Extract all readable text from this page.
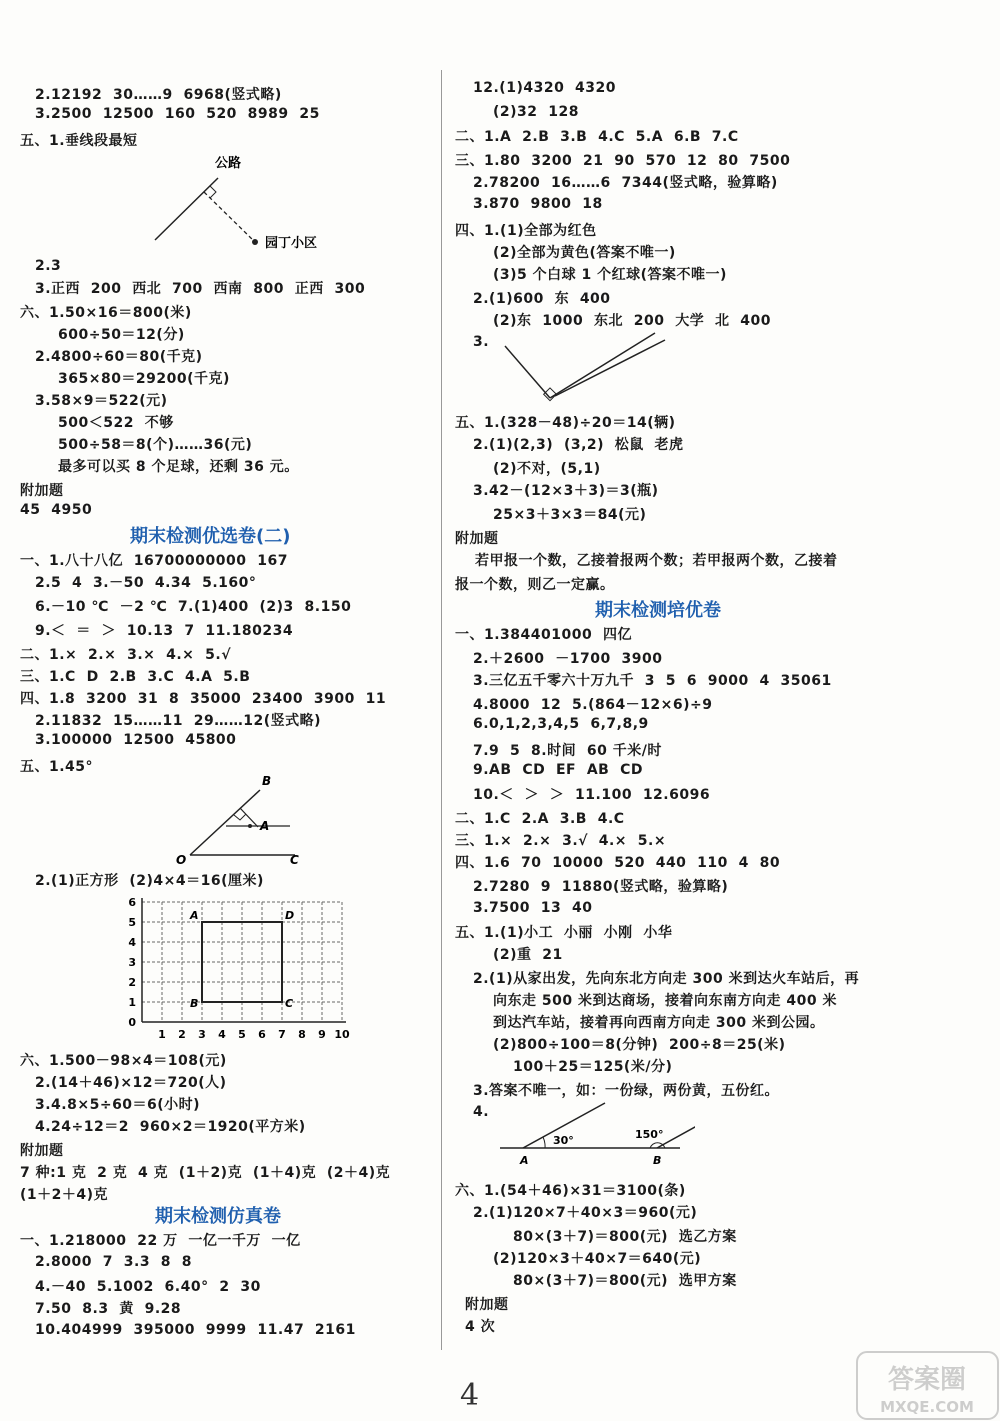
2.12192  30……9  6968(竖式略)
3.2500  12500  160  520  8989  25
五、1.垂线段最短
公路
园丁小区
2.3
3.正西  200  西北  700  西南  800  正西  300
六、1.50×16＝800(米)
600÷50＝12(分)
2.4800÷60＝80(千克)
365×80＝29200(千克)
3.58×9＝522(元)
500＜522  不够
500÷58＝8(个)……36(元)
最多可以买 8 个足球，还剩 36 元。
附加题
45  4950
期末检测优选卷(二)
一、1.八十八亿  16700000000  167
2.5  4  3.－50  4.34  5.160°
6.－10 ℃  －2 ℃  7.(1)400  (2)3  8.150
9.＜  ＝  ＞  10.13  7  11.180234
二、1.×  2.×  3.×  4.×  5.√
三、1.C  D  2.B  3.C  4.A  5.B
四、1.8  3200  31  8  35000  23400  3900  11
2.11832  15……11  29……12(竖式略)
3.100000  12500  45800
五、1.45°
B
A
O	C
2.(1)正方形  (2)4×4＝16(厘米)
A	D
B	C
6
5
4
3
2
1
0
1 2 3 4 5 6 7 8 9 10
六、1.500－98×4＝108(元)
2.(14＋46)×12＝720(人)
3.4.8×5÷60＝6(小时)
4.24÷12＝2  960×2＝1920(平方米)
附加题
7 种:1 克  2 克  4 克  (1＋2)克  (1＋4)克  (2＋4)克
(1＋2＋4)克
期末检测仿真卷
一、1.218000  22 万  一亿一千万  一亿
2.8000  7  3.3  8  8
4.－40  5.1002  6.40°  2  30
7.50  8.3  黄  9.28
10.404999  395000  9999  11.47  2161
12.(1)4320  4320
(2)32  128
二、1.A  2.B  3.B  4.C  5.A  6.B  7.C
三、1.80  3200  21  90  570  12  80  7500
2.78200  16……6  7344(竖式略，验算略)
3.870  9800  18
四、1.(1)全部为红色
(2)全部为黄色(答案不唯一)
(3)5 个白球 1 个红球(答案不唯一)
2.(1)600  东  400
(2)东  1000  东北  200  大学  北  400
3.
五、1.(328－48)÷20＝14(辆)
2.(1)(2,3)  (3,2)  松鼠  老虎
(2)不对，(5,1)
3.42－(12×3＋3)＝3(瓶)
25×3＋3×3＝84(元)
附加题
若甲报一个数，乙接着报两个数；若甲报两个数，乙接着
报一个数，则乙一定赢。
期末检测培优卷
一、1.384401000  四亿
2.＋2600  －1700  3900
3.三亿五千零六十万九千  3  5  6  9000  4  35061
4.8000  12  5.(864－12×6)÷9
6.0,1,2,3,4,5  6,7,8,9
7.9  5  8.时间  60 千米/时
9.AB  CD  EF  AB  CD
10.＜  ＞  ＞  11.100  12.6096
二、1.C  2.A  3.B  4.C
三、1.×  2.×  3.√  4.×  5.×
四、1.6  70  10000  520  440  110  4  80
2.7280  9  11880(竖式略，验算略)
3.7500  13  40
五、1.(1)小工  小丽  小刚  小华
(2)重  21
2.(1)从家出发，先向东北方向走 300 米到达火车站后，再
向东走 500 米到达商场，接着向东南方向走 400 米
到达汽车站，接着再向西南方向走 300 米到公园。
(2)800÷100＝8(分钟)  200÷8＝25(米)
100＋25＝125(米/分)
3.答案不唯一，如：一份绿，两份黄，五份红。
4.
30°	150°
A	B
六、1.(54＋46)×31＝3100(条)
2.(1)120×7＋40×3＝960(元)
80×(3＋7)＝800(元)  选乙方案
(2)120×3＋40×7＝640(元)
80×(3＋7)＝800(元)  选甲方案
附加题
4 次
4	答案圈
MXQE.COM
